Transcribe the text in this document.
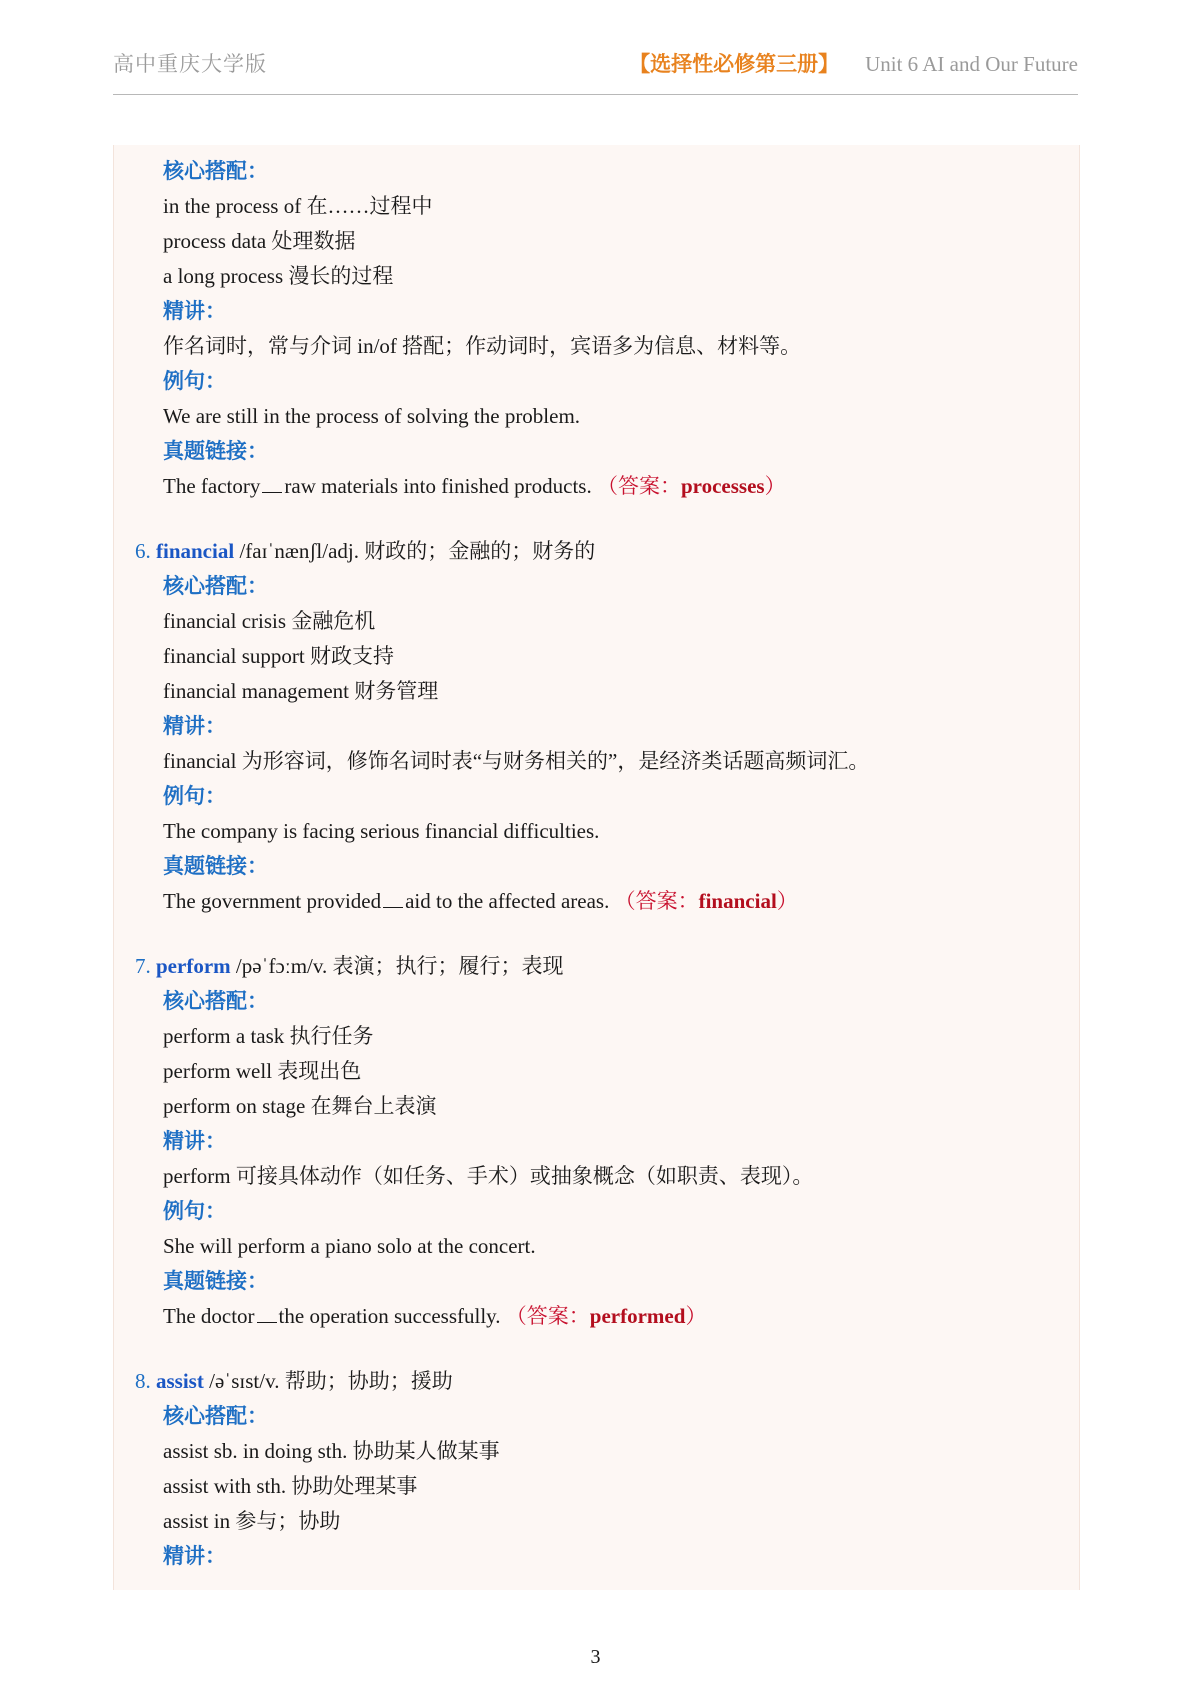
高中重庆大学版	【选择性必修第三册】 Unit 6 AI and Our Future
核心搭配：
in the process of 在……过程中
process data 处理数据
a long process 漫长的过程
精讲：
作名词时，常与介词 in/of 搭配；作动词时，宾语多为信息、材料等。
例句：
We are still in the process of solving the problem.
真题链接：
The factory raw materials into finished products. （答案：processes）
6. financial /faɪˈnænʃl/adj. 财政的；金融的；财务的
核心搭配：
financial crisis 金融危机
financial support 财政支持
financial management 财务管理
精讲：
financial 为形容词，修饰名词时表“与财务相关的”，是经济类话题高频词汇。
例句：
The company is facing serious financial difficulties.
真题链接：
The government provided aid to the affected areas. （答案：financial）
7. perform /pəˈfɔːm/v. 表演；执行；履行；表现
核心搭配：
perform a task 执行任务
perform well 表现出色
perform on stage 在舞台上表演
精讲：
perform 可接具体动作（如任务、手术）或抽象概念（如职责、表现）。
例句：
She will perform a piano solo at the concert.
真题链接：
The doctor the operation successfully. （答案：performed）
8. assist /əˈsɪst/v. 帮助；协助；援助
核心搭配：
assist sb. in doing sth. 协助某人做某事
assist with sth. 协助处理某事
assist in 参与；协助
精讲：
3
